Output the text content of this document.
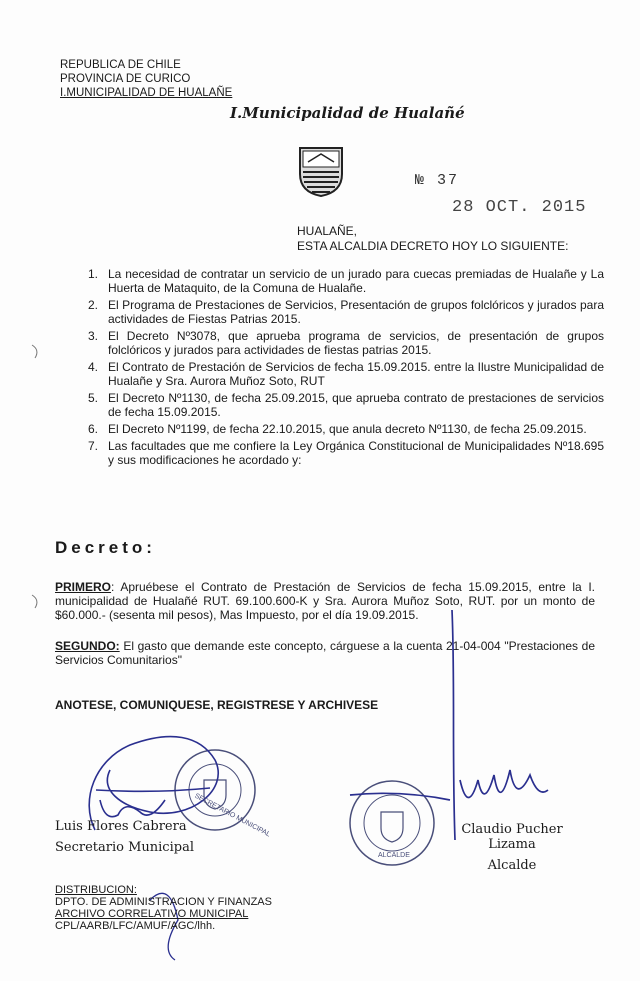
REPUBLICA DE CHILE
PROVINCIA DE CURICO
I.MUNICIPALIDAD DE HUALAÑE
I.Municipalidad de Hualañé
№ 37
28 OCT. 2015
HUALAÑE,
ESTA ALCALDIA DECRETO HOY LO SIGUIENTE:
1. La necesidad de contratar un servicio de un jurado para cuecas premiadas de Hualañe y La Huerta de Mataquito, de la Comuna de Hualañe.
2. El Programa de Prestaciones de Servicios, Presentación de grupos folclóricos y jurados para actividades de Fiestas Patrias 2015.
3. El Decreto Nº3078, que aprueba programa de servicios, de presentación de grupos folclóricos y jurados para actividades de fiestas patrias 2015.
4. El Contrato de Prestación de Servicios de fecha 15.09.2015. entre la Ilustre Municipalidad de Hualañe y Sra. Aurora Muñoz Soto, RUT
5. El Decreto Nº1130, de fecha 25.09.2015, que aprueba contrato de prestaciones de servicios de fecha 15.09.2015.
6. El Decreto Nº1199, de fecha 22.10.2015, que anula decreto Nº1130, de fecha 25.09.2015.
7. Las facultades que me confiere la Ley Orgánica Constitucional de Municipalidades Nº18.695 y sus modificaciones he acordado y:
Decreto:
PRIMERO: Apruébese el Contrato de Prestación de Servicios de fecha 15.09.2015, entre la I. municipalidad de Hualañé RUT. 69.100.600-K y Sra. Aurora Muñoz Soto, RUT. por un monto de $60.000.- (sesenta mil pesos), Mas Impuesto, por el día 19.09.2015.
SEGUNDO: El gasto que demande este concepto, cárguese a la cuenta 21-04-004 "Prestaciones de Servicios Comunitarios"
ANOTESE, COMUNIQUESE, REGISTRESE Y ARCHIVESE
Luis Flores Cabrera
Secretario Municipal
SECRETARIO MUNICIPAL
ALCALDE
Claudio Pucher Lizama
Alcalde
DISTRIBUCION:
DPTO. DE ADMINISTRACION Y FINANZAS
ARCHIVO CORRELATIVO MUNICIPAL
CPL/AARB/LFC/AMUF/AGC/lhh.
